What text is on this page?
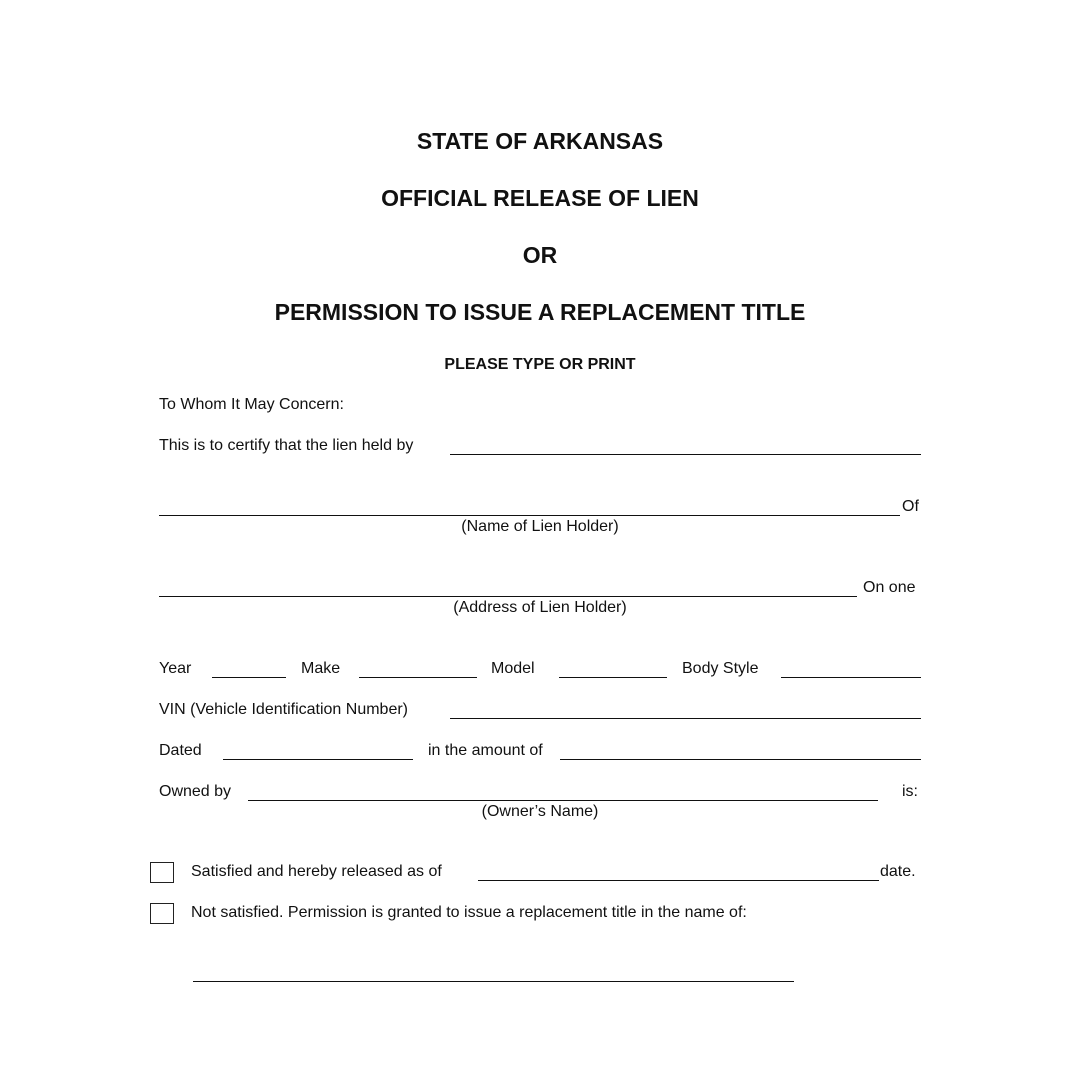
STATE OF ARKANSAS
OFFICIAL RELEASE OF LIEN
OR
PERMISSION TO ISSUE A REPLACEMENT TITLE
PLEASE TYPE OR PRINT
To Whom It May Concern:
This is to certify that the lien held by
Of
(Name of Lien Holder)
On one
(Address of Lien Holder)
Year	Make	Model	Body Style
VIN (Vehicle Identification Number)
Dated	in the amount of
Owned by	is:
(Owner’s Name)
Satisfied and hereby released as of	date.
Not satisfied. Permission is granted to issue a replacement title in the name of:
